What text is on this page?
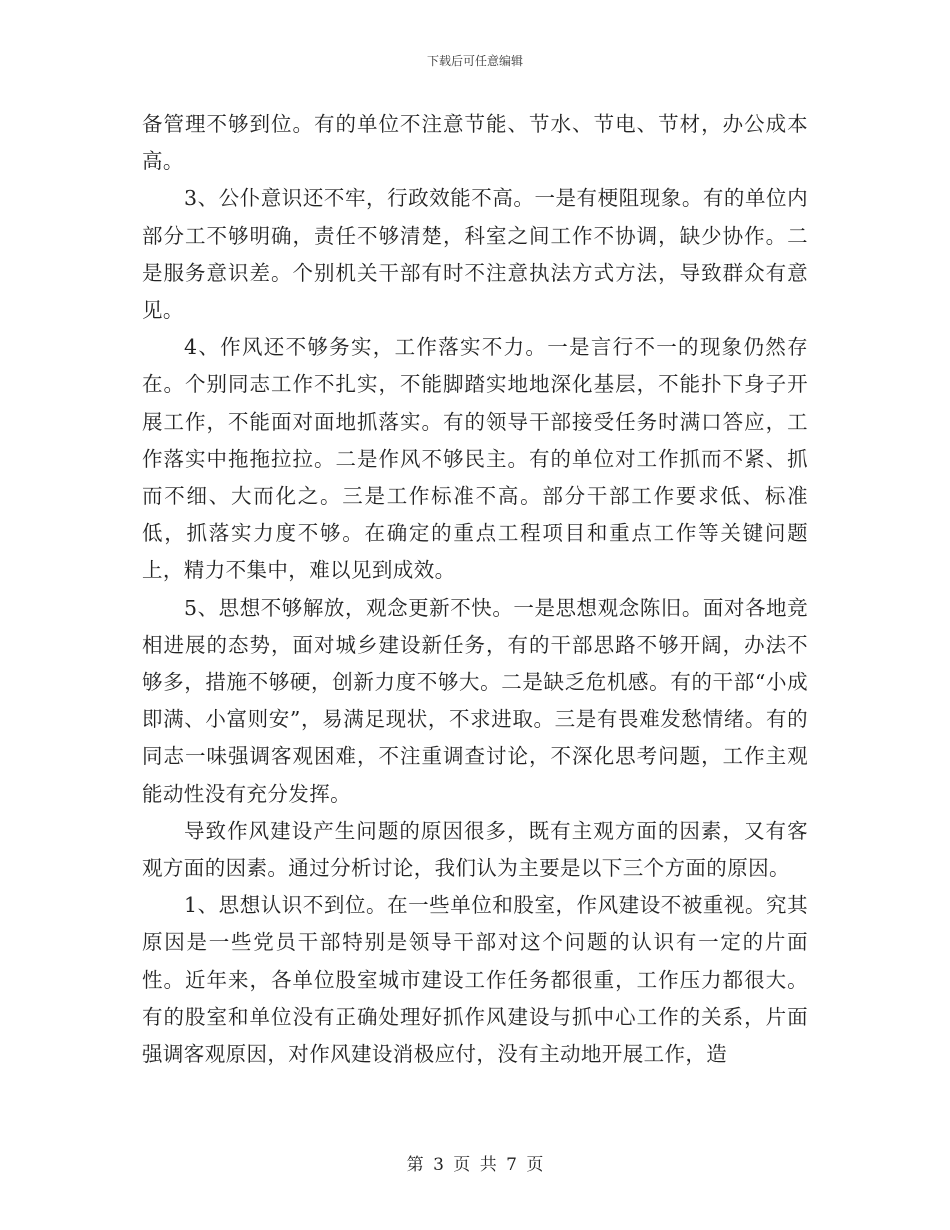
下载后可任意编辑

备管理不够到位。有的单位不注意节能、节水、节电、节材，办公成本高。

3、公仆意识还不牢，行政效能不高。一是有梗阻现象。有的单位内部分工不够明确，责任不够清楚，科室之间工作不协调，缺少协作。二是服务意识差。个别机关干部有时不注意执法方式方法，导致群众有意见。

4、作风还不够务实，工作落实不力。一是言行不一的现象仍然存在。个别同志工作不扎实，不能脚踏实地地深化基层，不能扑下身子开展工作，不能面对面地抓落实。有的领导干部接受任务时满口答应，工作落实中拖拖拉拉。二是作风不够民主。有的单位对工作抓而不紧、抓而不细、大而化之。三是工作标准不高。部分干部工作要求低、标准低，抓落实力度不够。在确定的重点工程项目和重点工作等关键问题上，精力不集中，难以见到成效。

5、思想不够解放，观念更新不快。一是思想观念陈旧。面对各地竞相进展的态势，面对城乡建设新任务，有的干部思路不够开阔，办法不够多，措施不够硬，创新力度不够大。二是缺乏危机感。有的干部“小成即满、小富则安”，易满足现状，不求进取。三是有畏难发愁情绪。有的同志一味强调客观困难，不注重调查讨论，不深化思考问题，工作主观能动性没有充分发挥。

导致作风建设产生问题的原因很多，既有主观方面的因素，又有客观方面的因素。通过分析讨论，我们认为主要是以下三个方面的原因。

1、思想认识不到位。在一些单位和股室，作风建设不被重视。究其原因是一些党员干部特别是领导干部对这个问题的认识有一定的片面性。近年来，各单位股室城市建设工作任务都很重，工作压力都很大。有的股室和单位没有正确处理好抓作风建设与抓中心工作的关系，片面强调客观原因，对作风建设消极应付，没有主动地开展工作，造

第 3 页 共 7 页
